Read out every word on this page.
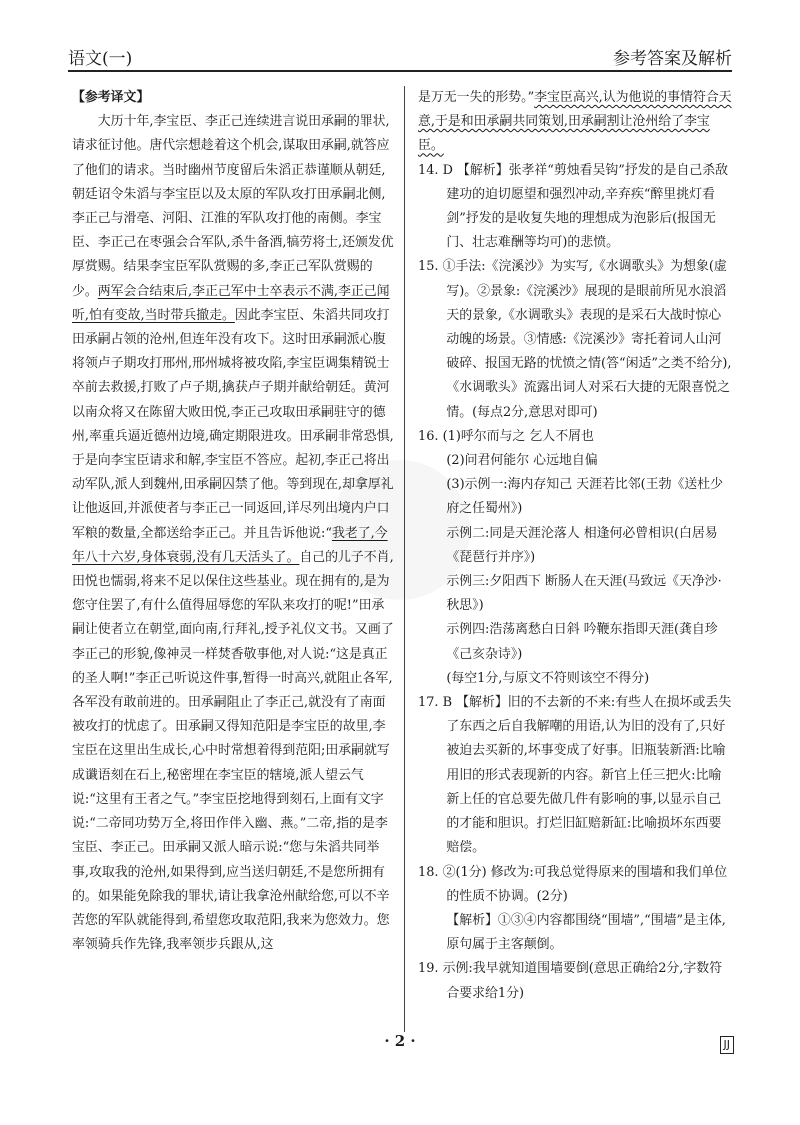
语文(一)	参考答案及解析

【参考译文】

大历十年,李宝臣、李正己连续进言说田承嗣的罪状,请求征讨他。唐代宗想趁着这个机会,谋取田承嗣,就答应了他们的请求。当时幽州节度留后朱滔正恭谨顺从朝廷,朝廷诏令朱滔与李宝臣以及太原的军队攻打田承嗣北侧,李正己与滑亳、河阳、江淮的军队攻打他的南侧。李宝臣、李正己在枣强会合军队,杀牛备酒,犒劳将士,还颁发优厚赏赐。结果李宝臣军队赏赐的多,李正己军队赏赐的少。两军会合结束后,李正己军中士卒表示不满,李正己闻听,怕有变故,当时带兵撤走。因此李宝臣、朱滔共同攻打田承嗣占领的沧州,但连年没有攻下。这时田承嗣派心腹将领卢子期攻打邢州,邢州城将被攻陷,李宝臣调集精锐士卒前去救援,打败了卢子期,擒获卢子期并献给朝廷。黄河以南众将又在陈留大败田悦,李正己攻取田承嗣驻守的德州,率重兵逼近德州边境,确定期限进攻。田承嗣非常恐惧,于是向李宝臣请求和解,李宝臣不答应。起初,李正己将出动军队,派人到魏州,田承嗣囚禁了他。等到现在,却拿厚礼让他返回,并派使者与李正己一同返回,详尽列出境内户口军粮的数量,全都送给李正己。并且告诉他说:“我老了,今年八十六岁,身体衰弱,没有几天活头了。自己的儿子不肖,田悦也懦弱,将来不足以保住这些基业。现在拥有的,是为您守住罢了,有什么值得屈辱您的军队来攻打的呢!”田承嗣让使者立在朝堂,面向南,行拜礼,授予礼仪文书。又画了李正己的形貌,像神灵一样焚香敬事他,对人说:“这是真正的圣人啊!”李正己听说这件事,暂得一时高兴,就阻止各军,各军没有敢前进的。田承嗣阻止了李正己,就没有了南面被攻打的忧虑了。田承嗣又得知范阳是李宝臣的故里,李宝臣在这里出生成长,心中时常想着得到范阳;田承嗣就写成谶语刻在石上,秘密埋在李宝臣的辖境,派人望云气说:“这里有王者之气。”李宝臣挖地得到刻石,上面有文字说:“二帝同功势万全,将田作伴入幽、燕。”二帝,指的是李宝臣、李正己。田承嗣又派人暗示说:“您与朱滔共同举事,攻取我的沧州,如果得到,应当送归朝廷,不是您所拥有的。如果能免除我的罪状,请让我拿沧州献给您,可以不辛苦您的军队就能得到,希望您攻取范阳,我来为您效力。您率领骑兵作先锋,我率领步兵跟从,这

是万无一失的形势。”李宝臣高兴,认为他说的事情符合天意,于是和田承嗣共同策划,田承嗣割让沧州给了李宝臣。

14. D 【解析】张孝祥“剪烛看吴钩”抒发的是自己杀敌建功的迫切愿望和强烈冲动,辛弃疾“醉里挑灯看剑”抒发的是收复失地的理想成为泡影后(报国无门、壮志难酬等均可)的悲愤。

15. ①手法:《浣溪沙》为实写,《水调歌头》为想象(虚写)。②景象:《浣溪沙》展现的是眼前所见水浪滔天的景象,《水调歌头》表现的是采石大战时惊心动魄的场景。③情感:《浣溪沙》寄托着词人山河破碎、报国无路的忧愤之情(答“闲适”之类不给分),《水调歌头》流露出词人对采石大捷的无限喜悦之情。(每点2分,意思对即可)

16. (1)呼尔而与之 乞人不屑也

(2)问君何能尔 心远地自偏

(3)示例一:海内存知己 天涯若比邻(王勃《送杜少府之任蜀州》)

示例二:同是天涯沦落人 相逢何必曾相识(白居易《琵琶行并序》)

示例三:夕阳西下 断肠人在天涯(马致远《天净沙·秋思》)

示例四:浩荡离愁白日斜 吟鞭东指即天涯(龚自珍《己亥杂诗》)

(每空1分,与原文不符则该空不得分)

17. B 【解析】旧的不去新的不来:有些人在损坏或丢失了东西之后自我解嘲的用语,认为旧的没有了,只好被迫去买新的,坏事变成了好事。旧瓶装新酒:比喻用旧的形式表现新的内容。新官上任三把火:比喻新上任的官总要先做几件有影响的事,以显示自己的才能和胆识。打烂旧缸赔新缸:比喻损坏东西要赔偿。

18. ②(1分) 修改为:可我总觉得原来的围墙和我们单位的性质不协调。(2分)

【解析】①③④内容都围绕“围墙”,“围墙”是主体,原句属于主客颠倒。

19. 示例:我早就知道围墙要倒(意思正确给2分,字数符合要求给1分)

· 2 ·	JJ
